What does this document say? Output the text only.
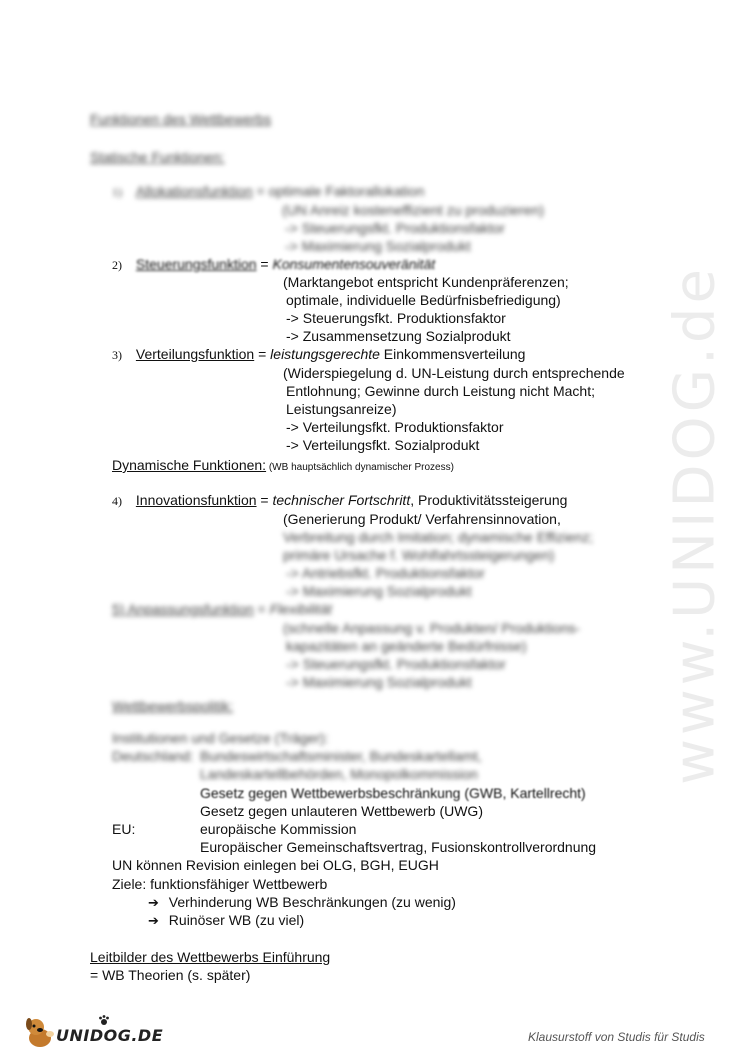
www.UNIDOG.de
Funktionen des Wettbewerbs
Statische Funktionen:
1) Allokationsfunktion = optimale Faktorallokation
(UN Anreiz kosteneffizient zu produzieren)
-> Steuerungsfkt. Produktionsfaktor
-> Maximierung Sozialprodukt
2) Steuerungsfunktion = Konsumentensouveränität
(Marktangebot entspricht Kundenpräferenzen;
optimale, individuelle Bedürfnisbefriedigung)
-> Steuerungsfkt. Produktionsfaktor
-> Zusammensetzung Sozialprodukt
3) Verteilungsfunktion = leistungsgerechte Einkommensverteilung
(Widerspiegelung d. UN-Leistung durch entsprechende
Entlohnung; Gewinne durch Leistung nicht Macht;
Leistungsanreize)
-> Verteilungsfkt. Produktionsfaktor
-> Verteilungsfkt. Sozialprodukt
Dynamische Funktionen: (WB hauptsächlich dynamischer Prozess)
4) Innovationsfunktion = technischer Fortschritt, Produktivitätssteigerung
(Generierung Produkt/ Verfahrensinnovation,
Verbreitung durch Imitation; dynamische Effizienz;
primäre Ursache f. Wohlfahrtssteigerungen)
-> Antriebsfkt. Produktionsfaktor
-> Maximierung Sozialprodukt
5) Anpassungsfunktion = Flexibilität
(schnelle Anpassung v. Produkten/ Produktions-
kapazitäten an geänderte Bedürfnisse)
-> Steuerungsfkt. Produktionsfaktor
-> Maximierung Sozialprodukt
Wettbewerbspolitik:
Institutionen und Gesetze (Träger):
Deutschland: Bundeswirtschaftsminister, Bundeskartellamt,
Landeskartellbehörden, Monopolkommission
Gesetz gegen Wettbewerbsbeschränkung (GWB, Kartellrecht)
Gesetz gegen unlauteren Wettbewerb (UWG)
EU:	europäische Kommission
Europäischer Gemeinschaftsvertrag, Fusionskontrollverordnung
UN können Revision einlegen bei OLG, BGH, EUGH
Ziele: funktionsfähiger Wettbewerb
➔ Verhinderung WB Beschränkungen (zu wenig)
➔ Ruinöser WB (zu viel)
Leitbilder des Wettbewerbs Einführung
= WB Theorien (s. später)
UNIDOG.DE	Klausurstoff von Studis für Studis
